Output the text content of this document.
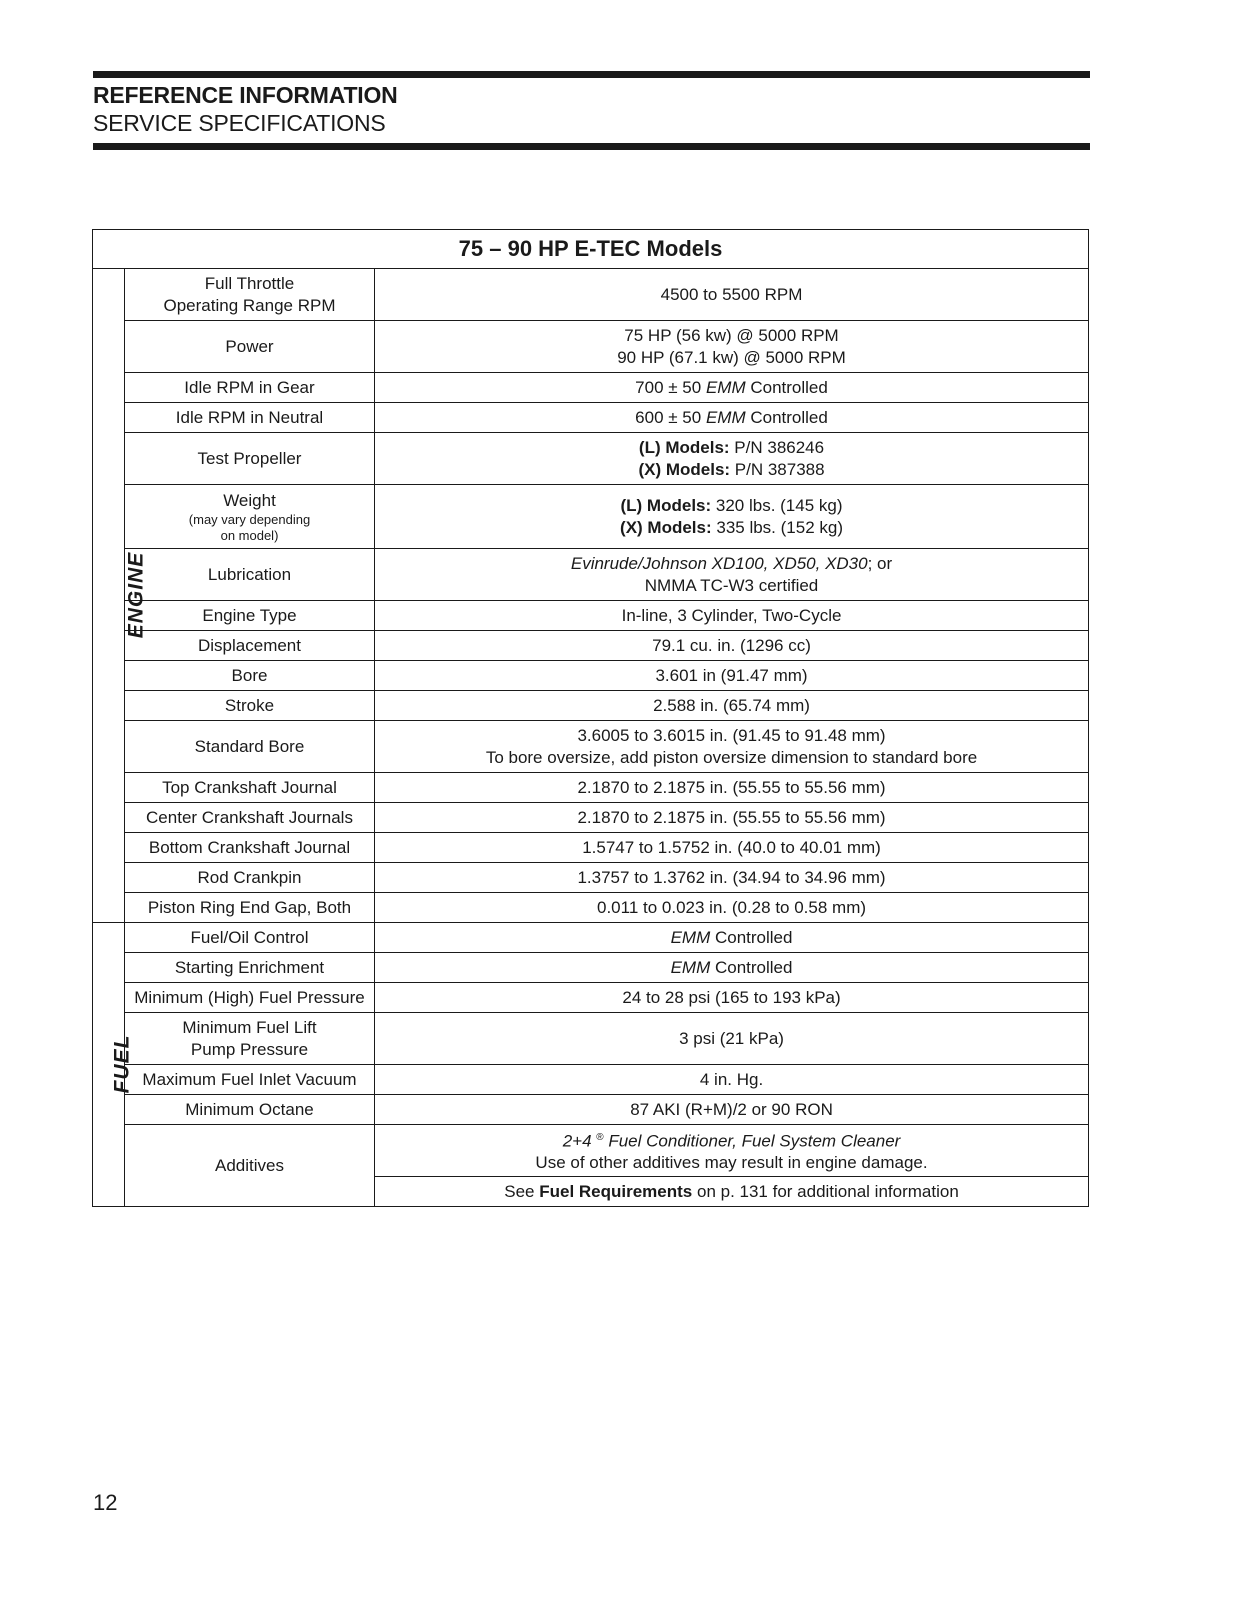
REFERENCE INFORMATION
SERVICE SPECIFICATIONS
75 – 90 HP E-TEC Models		
ENGINE	Full Throttle
Operating Range RPM	4500 to 5500 RPM
	Power	75 HP (56 kw) @ 5000 RPM
90 HP (67.1 kw) @ 5000 RPM
	Idle RPM in Gear	700 ± 50 EMM Controlled
	Idle RPM in Neutral	600 ± 50 EMM Controlled
	Test Propeller	(L) Models: P/N 386246
(X) Models: P/N 387388
	Weight
(may vary depending
on model)	(L) Models: 320 lbs. (145 kg)
(X) Models: 335 lbs. (152 kg)
	Lubrication	Evinrude/Johnson XD100, XD50, XD30; or
NMMA TC-W3 certified
	Engine Type	In-line, 3 Cylinder, Two-Cycle
	Displacement	79.1 cu. in. (1296 cc)
	Bore	3.601 in (91.47 mm)
	Stroke	2.588 in. (65.74 mm)
	Standard Bore	3.6005 to 3.6015 in. (91.45 to 91.48 mm)
To bore oversize, add piston oversize dimension to standard bore
	Top Crankshaft Journal	2.1870 to 2.1875 in. (55.55 to 55.56 mm)
	Center Crankshaft Journals	2.1870 to 2.1875 in. (55.55 to 55.56 mm)
	Bottom Crankshaft Journal	1.5747 to 1.5752 in. (40.0 to 40.01 mm)
	Rod Crankpin	1.3757 to 1.3762 in. (34.94 to 34.96 mm)
	Piston Ring End Gap, Both	0.011 to 0.023 in. (0.28 to 0.58 mm)
FUEL	Fuel/Oil Control	EMM Controlled
	Starting Enrichment	EMM Controlled
	Minimum (High) Fuel Pressure	24 to 28 psi (165 to 193 kPa)
	Minimum Fuel Lift
Pump Pressure	3 psi (21 kPa)
	Maximum Fuel Inlet Vacuum	4 in. Hg.
	Minimum Octane	87 AKI (R+M)/2 or 90 RON
	Additives	2+4 ® Fuel Conditioner, Fuel System Cleaner
Use of other additives may result in engine damage.
		See Fuel Requirements on p. 131 for additional information
12
